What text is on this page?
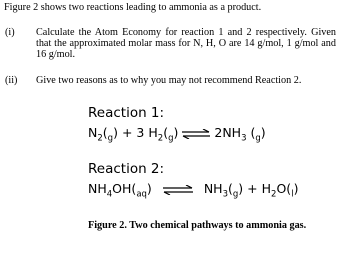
Figure 2 shows two reactions leading to ammonia as a product.
(i) Calculate the Atom Economy for reaction 1 and 2 respectively. Given that the approximated molar mass for N, H, O are 14 g/mol, 1 g/mol and 16 g/mol.
(ii) Give two reasons as to why you may not recommend Reaction 2.
Reaction 1:
$N_2(_g) + 3$ $H_2(_g)$ ⇌ $2NH_3$ $(_g)$
Reaction 2:
$NH_4OH(_{aq})$ ⇌ $NH_3(_g) + H_2O(_l)$
Figure 2. Two chemical pathways to ammonia gas.
